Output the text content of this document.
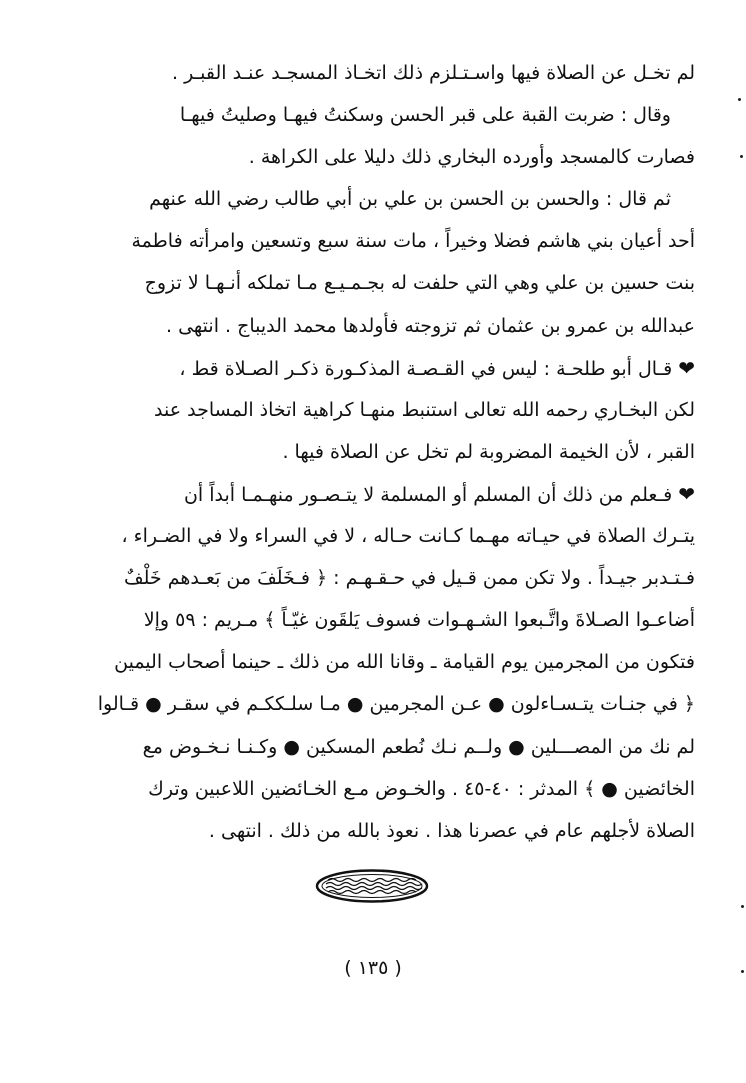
لم تخـل عن الصلاة فيها واسـتـلزم ذلك اتخـاذ المسجـد عنـد القبـر .
وقال : ضربت القبة على قبر الحسن وسكنتُ فيهـا وصليتُ فيهـا
فصارت كالمسجد وأورده البخاري ذلك دليلا على الكراهة .
ثم قال : والحسن بن الحسن بن علي بن أبي طالب رضي الله عنهم
أحد أعيان بني هاشم فضلا وخيراً ، مات سنة سبع وتسعين وامرأته فاطمة
بنت حسين بن علي وهي التي حلفت له بجـمـيـع مـا تملكه أنـهـا لا تزوج
عبدالله بن عمرو بن عثمان ثم تزوجته فأولدها محمد الديباج . انتهى .
❤قـال أبو طلحـة : ليس في القـصـة المذكـورة ذكـر الصـلاة قط ،
لكن البخـاري رحمه الله تعالى استنبط منهـا كراهية اتخاذ المساجد عند
القبر ، لأن الخيمة المضروبة لم تخل عن الصلاة فيها .
❤فـعلم من ذلك أن المسلم أو المسلمة لا يتـصـور منهـمـا أبداً أن
يتـرك الصلاة في حيـاته مهـما كـانت حـاله ، لا في السراء ولا في الضـراء ،
فـتـدبر جيـداً . ولا تكن ممن قـيل في حـقـهـم : ﴿ فـخَلَفَ من بَعـدهم خَلْفٌ
أضاعـوا الصـلاةَ واتَّـبعوا الشـهـوات فسوف يَلقَون غيّـاً ﴾ مـريم : ٥٩ وإلا
فتكون من المجرمين يوم القيامة ـ وقانا الله من ذلك ـ حينما أصحاب اليمين
﴿ في جنـات يتـسـاءلون ● عـن المجرمين ● مـا سلـككـم في سقـر ● قـالوا
لم نك من المصـــلين ● ولــم نـك نُطعم المسكين ● وكـنـا نـخـوض مع
الخائضين ● ﴾ المدثر : ٤٠-٤٥ . والخـوض مـع الخـائضين اللاعبين وترك
الصلاة لأجلهم عام في عصرنا هذا . نعوذ بالله من ذلك . انتهى .
( ١٣٥ )
